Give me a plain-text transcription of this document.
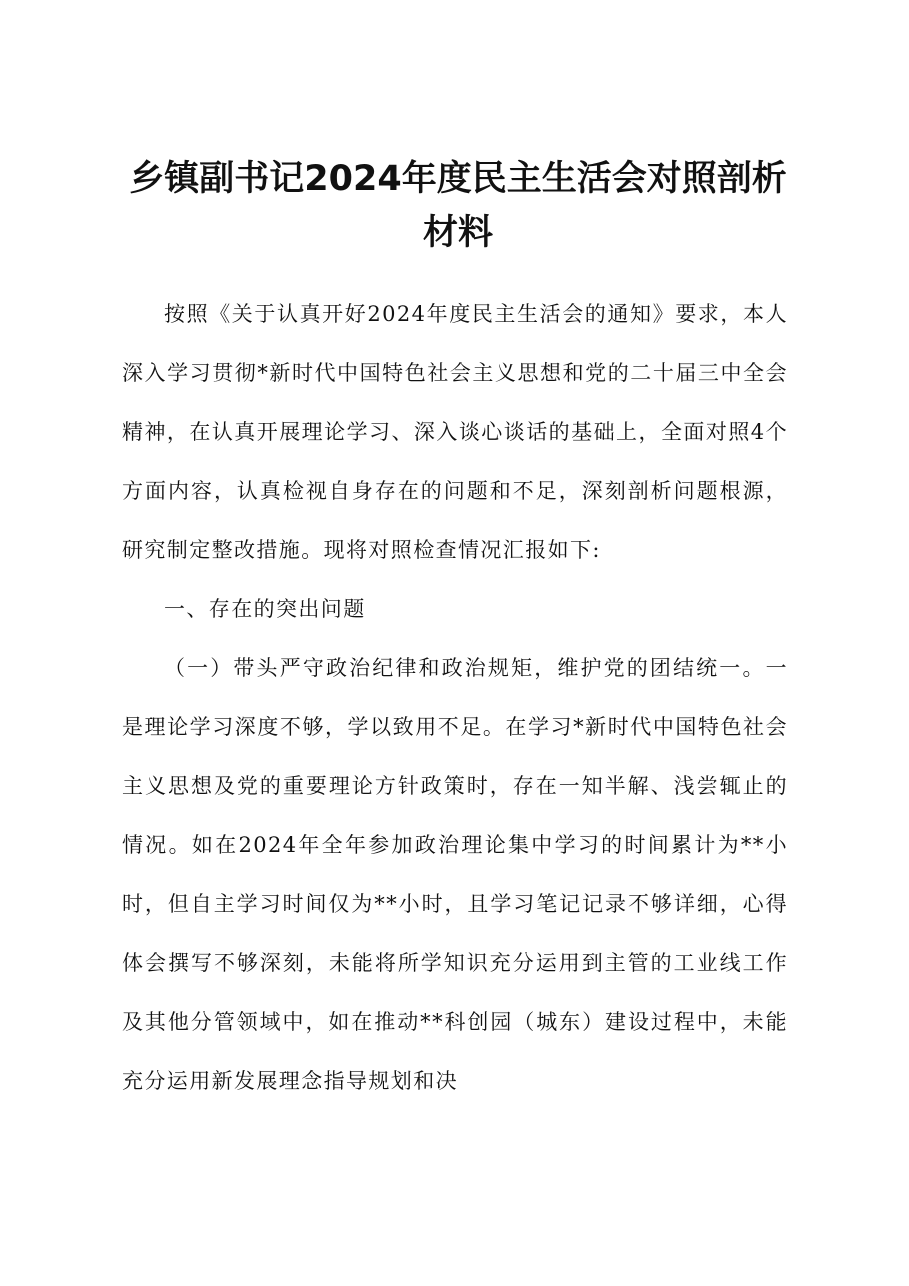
乡镇副书记2024年度民主生活会对照剖析材料

按照《关于认真开好2024年度民主生活会的通知》要求，本人深入学习贯彻*新时代中国特色社会主义思想和党的二十届三中全会精神，在认真开展理论学习、深入谈心谈话的基础上，全面对照4个方面内容，认真检视自身存在的问题和不足，深刻剖析问题根源，研究制定整改措施。现将对照检查情况汇报如下:

一、存在的突出问题

（一）带头严守政治纪律和政治规矩，维护党的团结统一。一是理论学习深度不够，学以致用不足。在学习*新时代中国特色社会主义思想及党的重要理论方针政策时，存在一知半解、浅尝辄止的情况。如在2024年全年参加政治理论集中学习的时间累计为**小时，但自主学习时间仅为**小时，且学习笔记记录不够详细，心得体会撰写不够深刻，未能将所学知识充分运用到主管的工业线工作及其他分管领域中，如在推动**科创园（城东）建设过程中，未能充分运用新发展理念指导规划和决
